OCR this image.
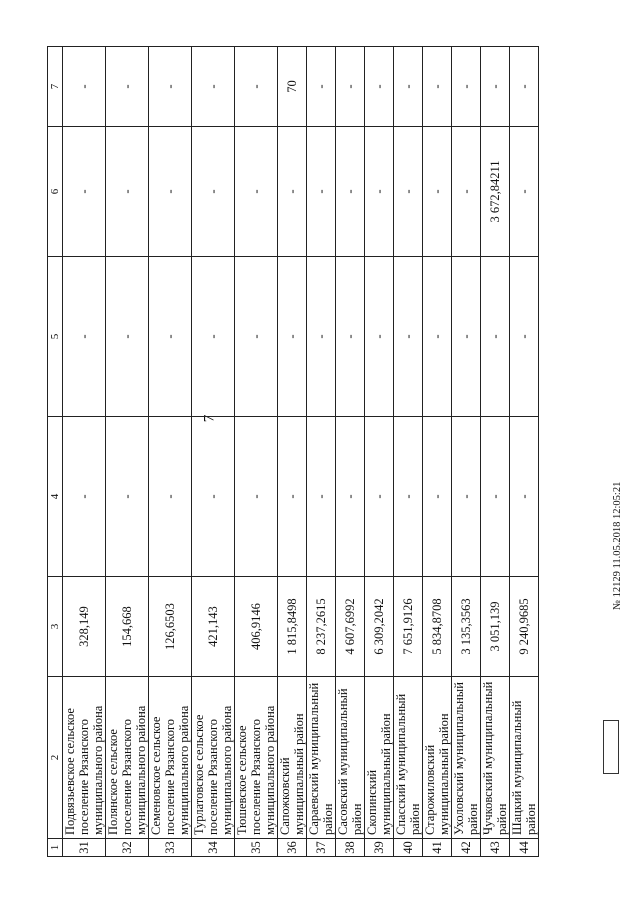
7
1	2	3	4	5	6	7
31	Подвязьевское сельское поселение Рязанского муниципального района	328,149	-	-	-	-
32	Полянское сельское поселение Рязанского муниципального района	154,668	-	-	-	-
33	Семеновское сельское поселение Рязанского муниципального района	126,6503	-	-	-	-
34	Турлатовское сельское поселение Рязанского муниципального района	421,143	-	-	-	-
35	Тюшевское сельское поселение Рязанского муниципального района	406,9146	-	-	-	-
36	Сапожковский муниципальный район	1 815,8498	-	-	-	70
37	Сараевский муниципальный район	8 237,2615	-	-	-	-
38	Сасовский муниципальный район	4 607,6992	-	-	-	-
39	Скопинский муниципальный район	6 309,2042	-	-	-	-
40	Спасский муниципальный район	7 651,9126	-	-	-	-
41	Старожиловский муниципальный район	5 834,8708	-	-	-	-
42	Ухоловский муниципальный район	3 135,3563	-	-	-	-
43	Чучковский муниципальный район	3 051,139	-	-	3 672,84211	-
44	Шацкий муниципальный район	9 240,9685	-	-	-	-
№ 12129 11.05.2018 12:05:21
